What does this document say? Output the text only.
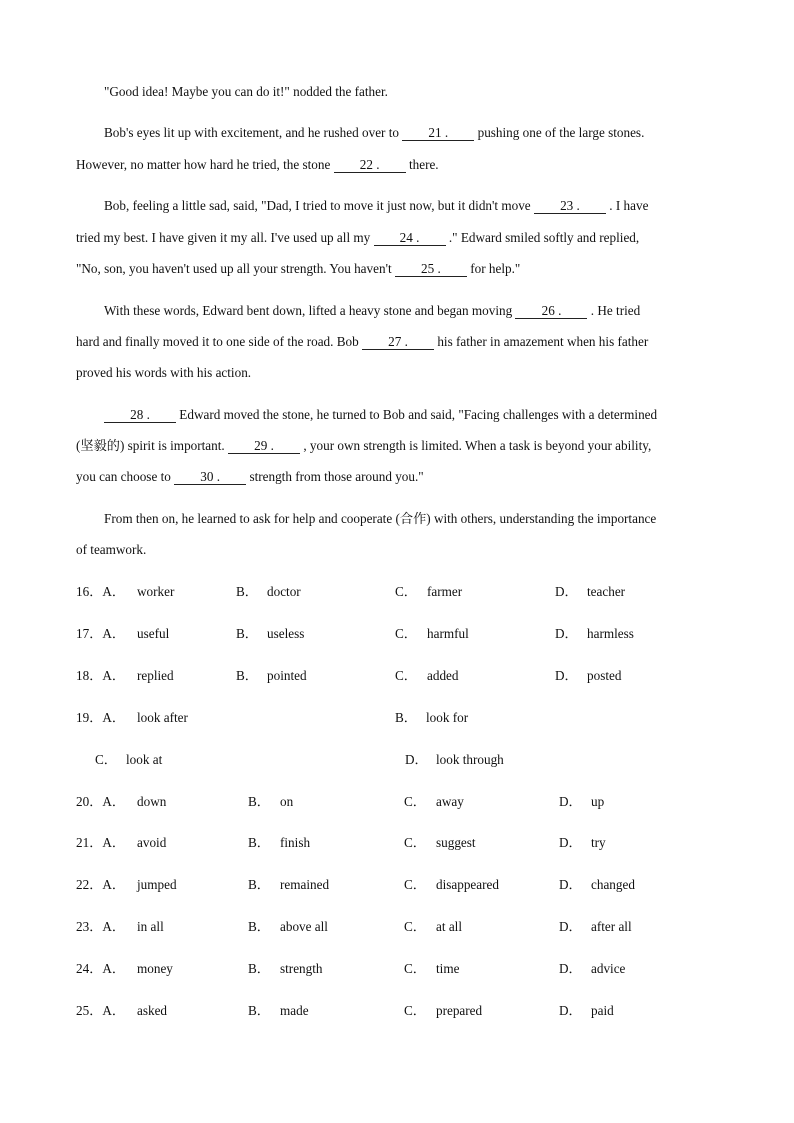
"Good idea! Maybe you can do it!" nodded the father.
Bob's eyes lit up with excitement, and he rushed over to 21 . pushing one of the large stones.
However, no matter how hard he tried, the stone 22 . there.
Bob, feeling a little sad, said, "Dad, I tried to move it just now, but it didn't move 23 . . I have
tried my best. I have given it my all. I've used up all my 24 . ." Edward smiled softly and replied,
"No, son, you haven't used up all your strength. You haven't 25 . for help."
With these words, Edward bent down, lifted a heavy stone and began moving 26 . . He tried
hard and finally moved it to one side of the road. Bob 27 . his father in amazement when his father
proved his words with his action.
28 . Edward moved the stone, he turned to Bob and said, "Facing challenges with a determined
(坚毅的) spirit is important. 29 . , your own strength is limited. When a task is beyond your ability,
you can choose to 30 . strength from those around you."
From then on, he learned to ask for help and cooperate (合作) with others, understanding the importance
of teamwork.
16．A． worker	B． doctor	C． farmer	D． teacher
17．A． useful	B． useless	C． harmful	D． harmless
18．A． replied	B． pointed	C． added	D． posted
19．A． look after	B． look for
C． look at	D． look through
20．A． down	B． on	C． away	D． up
21．A． avoid	B． finish	C． suggest	D． try
22．A． jumped	B． remained	C． disappeared	D． changed
23．A． in all	B． above all	C． at all	D． after all
24．A． money	B． strength	C． time	D． advice
25．A． asked	B． made	C． prepared	D． paid
